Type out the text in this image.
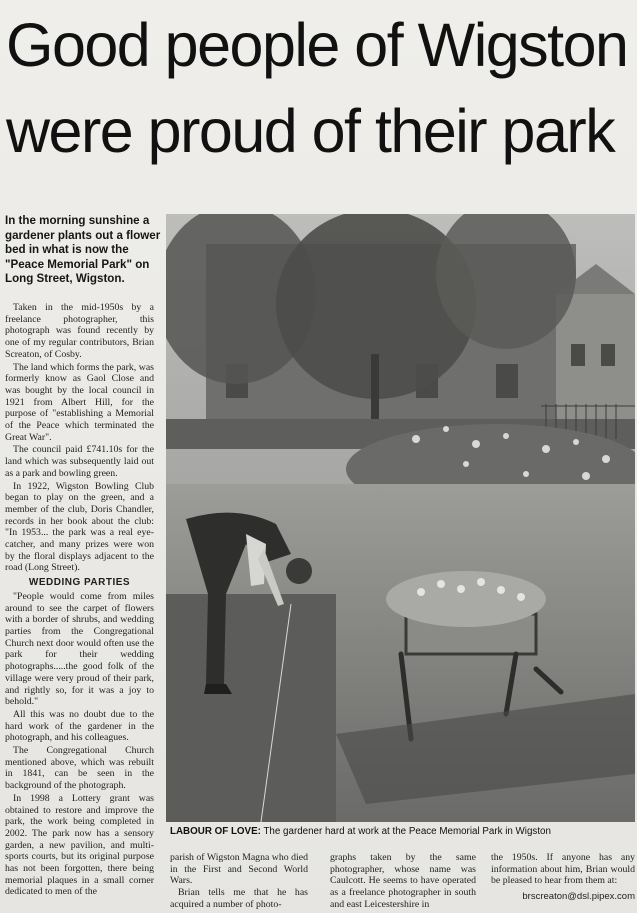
Good people of Wigston
were proud of their park
In the morning sunshine a gardener plants out a flower bed in what is now the "Peace Memorial Park" on Long Street, Wigston.

Taken in the mid-1950s by a freelance photographer, this photograph was found recently by one of my regular contributors, Brian Screaton, of Cosby.

The land which forms the park, was formerly know as Gaol Close and was bought by the local council in 1921 from Albert Hill, for the purpose of "establishing a Memorial of the Peace which terminated the Great War".

The council paid £741.10s for the land which was subsequently laid out as a park and bowling green.

In 1922, Wigston Bowling Club began to play on the green, and a member of the club, Doris Chandler, records in her book about the club: "In 1953... the park was a real eye-catcher, and many prizes were won by the floral displays adjacent to the road (Long Street).

WEDDING PARTIES

"People would come from miles around to see the carpet of flowers with a border of shrubs, and wedding parties from the Congregational Church next door would often use the park for their wedding photographs.....the good folk of the village were very proud of their park, and rightly so, for it was a joy to behold."

All this was no doubt due to the hard work of the gardener in the photograph, and his colleagues.

The Congregational Church mentioned above, which was rebuilt in 1841, can be seen in the background of the photograph.

In 1998 a Lottery grant was obtained to restore and improve the park, the work being completed in 2002. The park now has a sensory garden, a new pavilion, and multi-sports courts, but its original purpose has not been forgotten, there being memorial plaques in a small corner dedicated to men of the

LABOUR OF LOVE: The gardener hard at work at the Peace Memorial Park in Wigston

parish of Wigston Magna who died in the First and Second World Wars.

Brian tells me that he has acquired a number of photo-

graphs taken by the same photographer, whose name was Caulcott. He seems to have operated as a freelance photographer in south and east Leicestershire in

the 1950s. If anyone has any information about him, Brian would be pleased to hear from them at:

brscreaton@dsl.pipex.com
